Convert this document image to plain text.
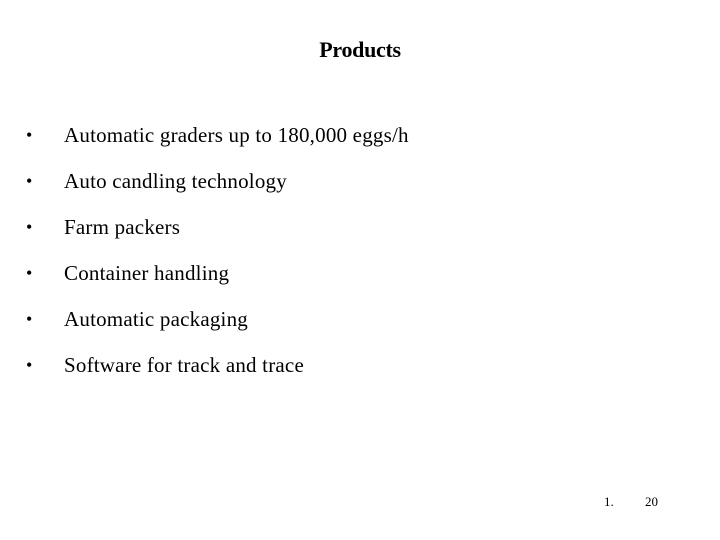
Products
•	Automatic graders up to 180,000 eggs/h
•	Auto candling technology
•	Farm packers
•	Container handling
•	Automatic packaging
•	Software for track and trace
1. 20
